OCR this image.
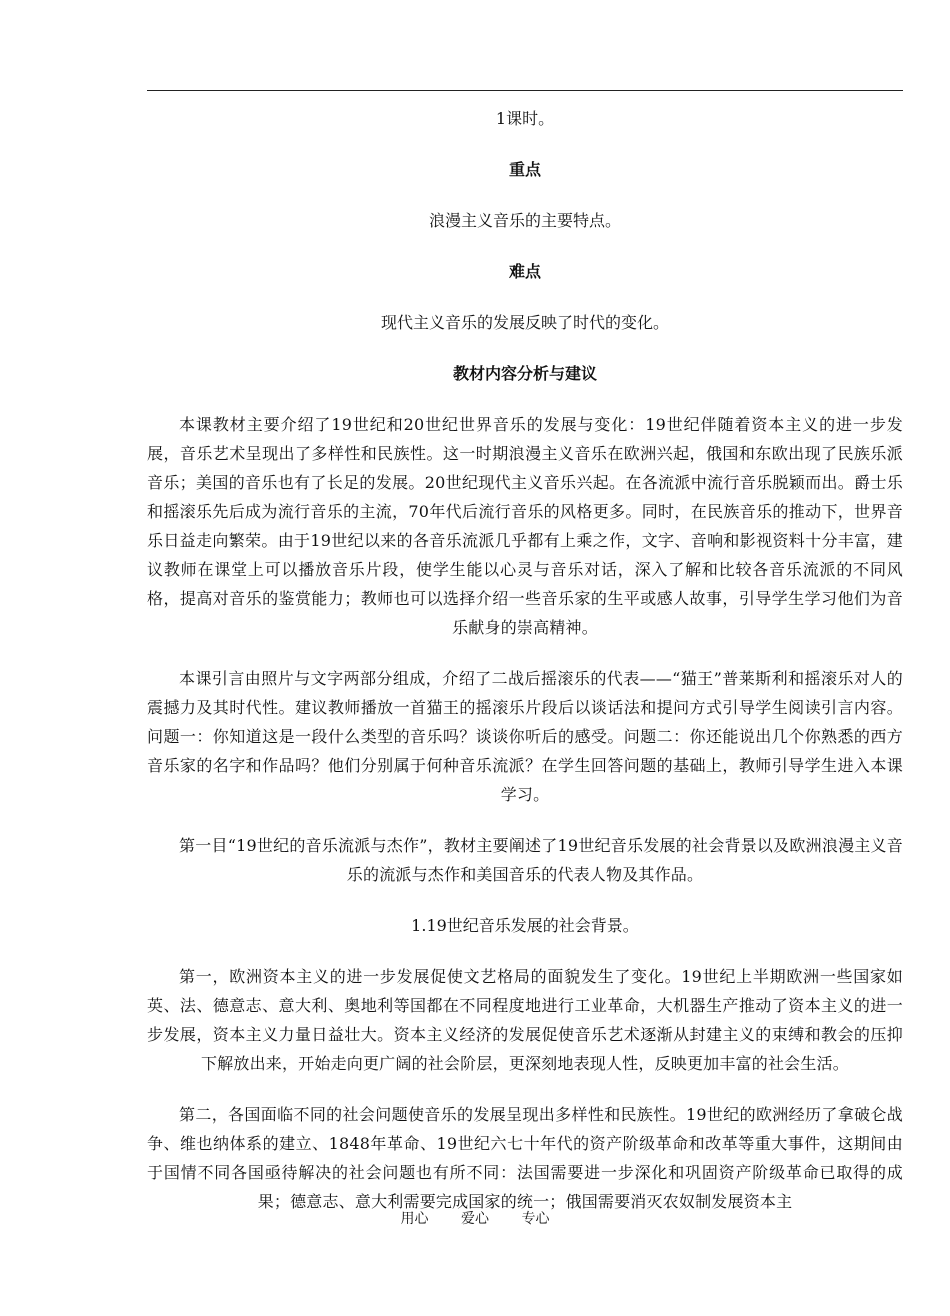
1课时。

重点

浪漫主义音乐的主要特点。

难点

现代主义音乐的发展反映了时代的变化。

教材内容分析与建议

本课教材主要介绍了19世纪和20世纪世界音乐的发展与变化：19世纪伴随着资本主义的进一步发展，音乐艺术呈现出了多样性和民族性。这一时期浪漫主义音乐在欧洲兴起，俄国和东欧出现了民族乐派音乐；美国的音乐也有了长足的发展。20世纪现代主义音乐兴起。在各流派中流行音乐脱颖而出。爵士乐和摇滚乐先后成为流行音乐的主流，70年代后流行音乐的风格更多。同时，在民族音乐的推动下，世界音乐日益走向繁荣。由于19世纪以来的各音乐流派几乎都有上乘之作，文字、音响和影视资料十分丰富，建议教师在课堂上可以播放音乐片段，使学生能以心灵与音乐对话，深入了解和比较各音乐流派的不同风格，提高对音乐的鉴赏能力；教师也可以选择介绍一些音乐家的生平或感人故事，引导学生学习他们为音乐献身的崇高精神。

本课引言由照片与文字两部分组成，介绍了二战后摇滚乐的代表——“猫王”普莱斯利和摇滚乐对人的震撼力及其时代性。建议教师播放一首猫王的摇滚乐片段后以谈话法和提问方式引导学生阅读引言内容。问题一：你知道这是一段什么类型的音乐吗？谈谈你听后的感受。问题二：你还能说出几个你熟悉的西方音乐家的名字和作品吗？他们分别属于何种音乐流派？在学生回答问题的基础上，教师引导学生进入本课学习。

第一目“19世纪的音乐流派与杰作”，教材主要阐述了19世纪音乐发展的社会背景以及欧洲浪漫主义音乐的流派与杰作和美国音乐的代表人物及其作品。

1.19世纪音乐发展的社会背景。

第一，欧洲资本主义的进一步发展促使文艺格局的面貌发生了变化。19世纪上半期欧洲一些国家如英、法、德意志、意大利、奥地利等国都在不同程度地进行工业革命，大机器生产推动了资本主义的进一步发展，资本主义力量日益壮大。资本主义经济的发展促使音乐艺术逐渐从封建主义的束缚和教会的压抑下解放出来，开始走向更广阔的社会阶层，更深刻地表现人性，反映更加丰富的社会生活。

第二，各国面临不同的社会问题使音乐的发展呈现出多样性和民族性。19世纪的欧洲经历了拿破仑战争、维也纳体系的建立、1848年革命、19世纪六七十年代的资产阶级革命和改革等重大事件，这期间由于国情不同各国亟待解决的社会问题也有所不同：法国需要进一步深化和巩固资产阶级革命已取得的成果；德意志、意大利需要完成国家的统一；俄国需要消灭农奴制发展资本主

用心 爱心 专心
